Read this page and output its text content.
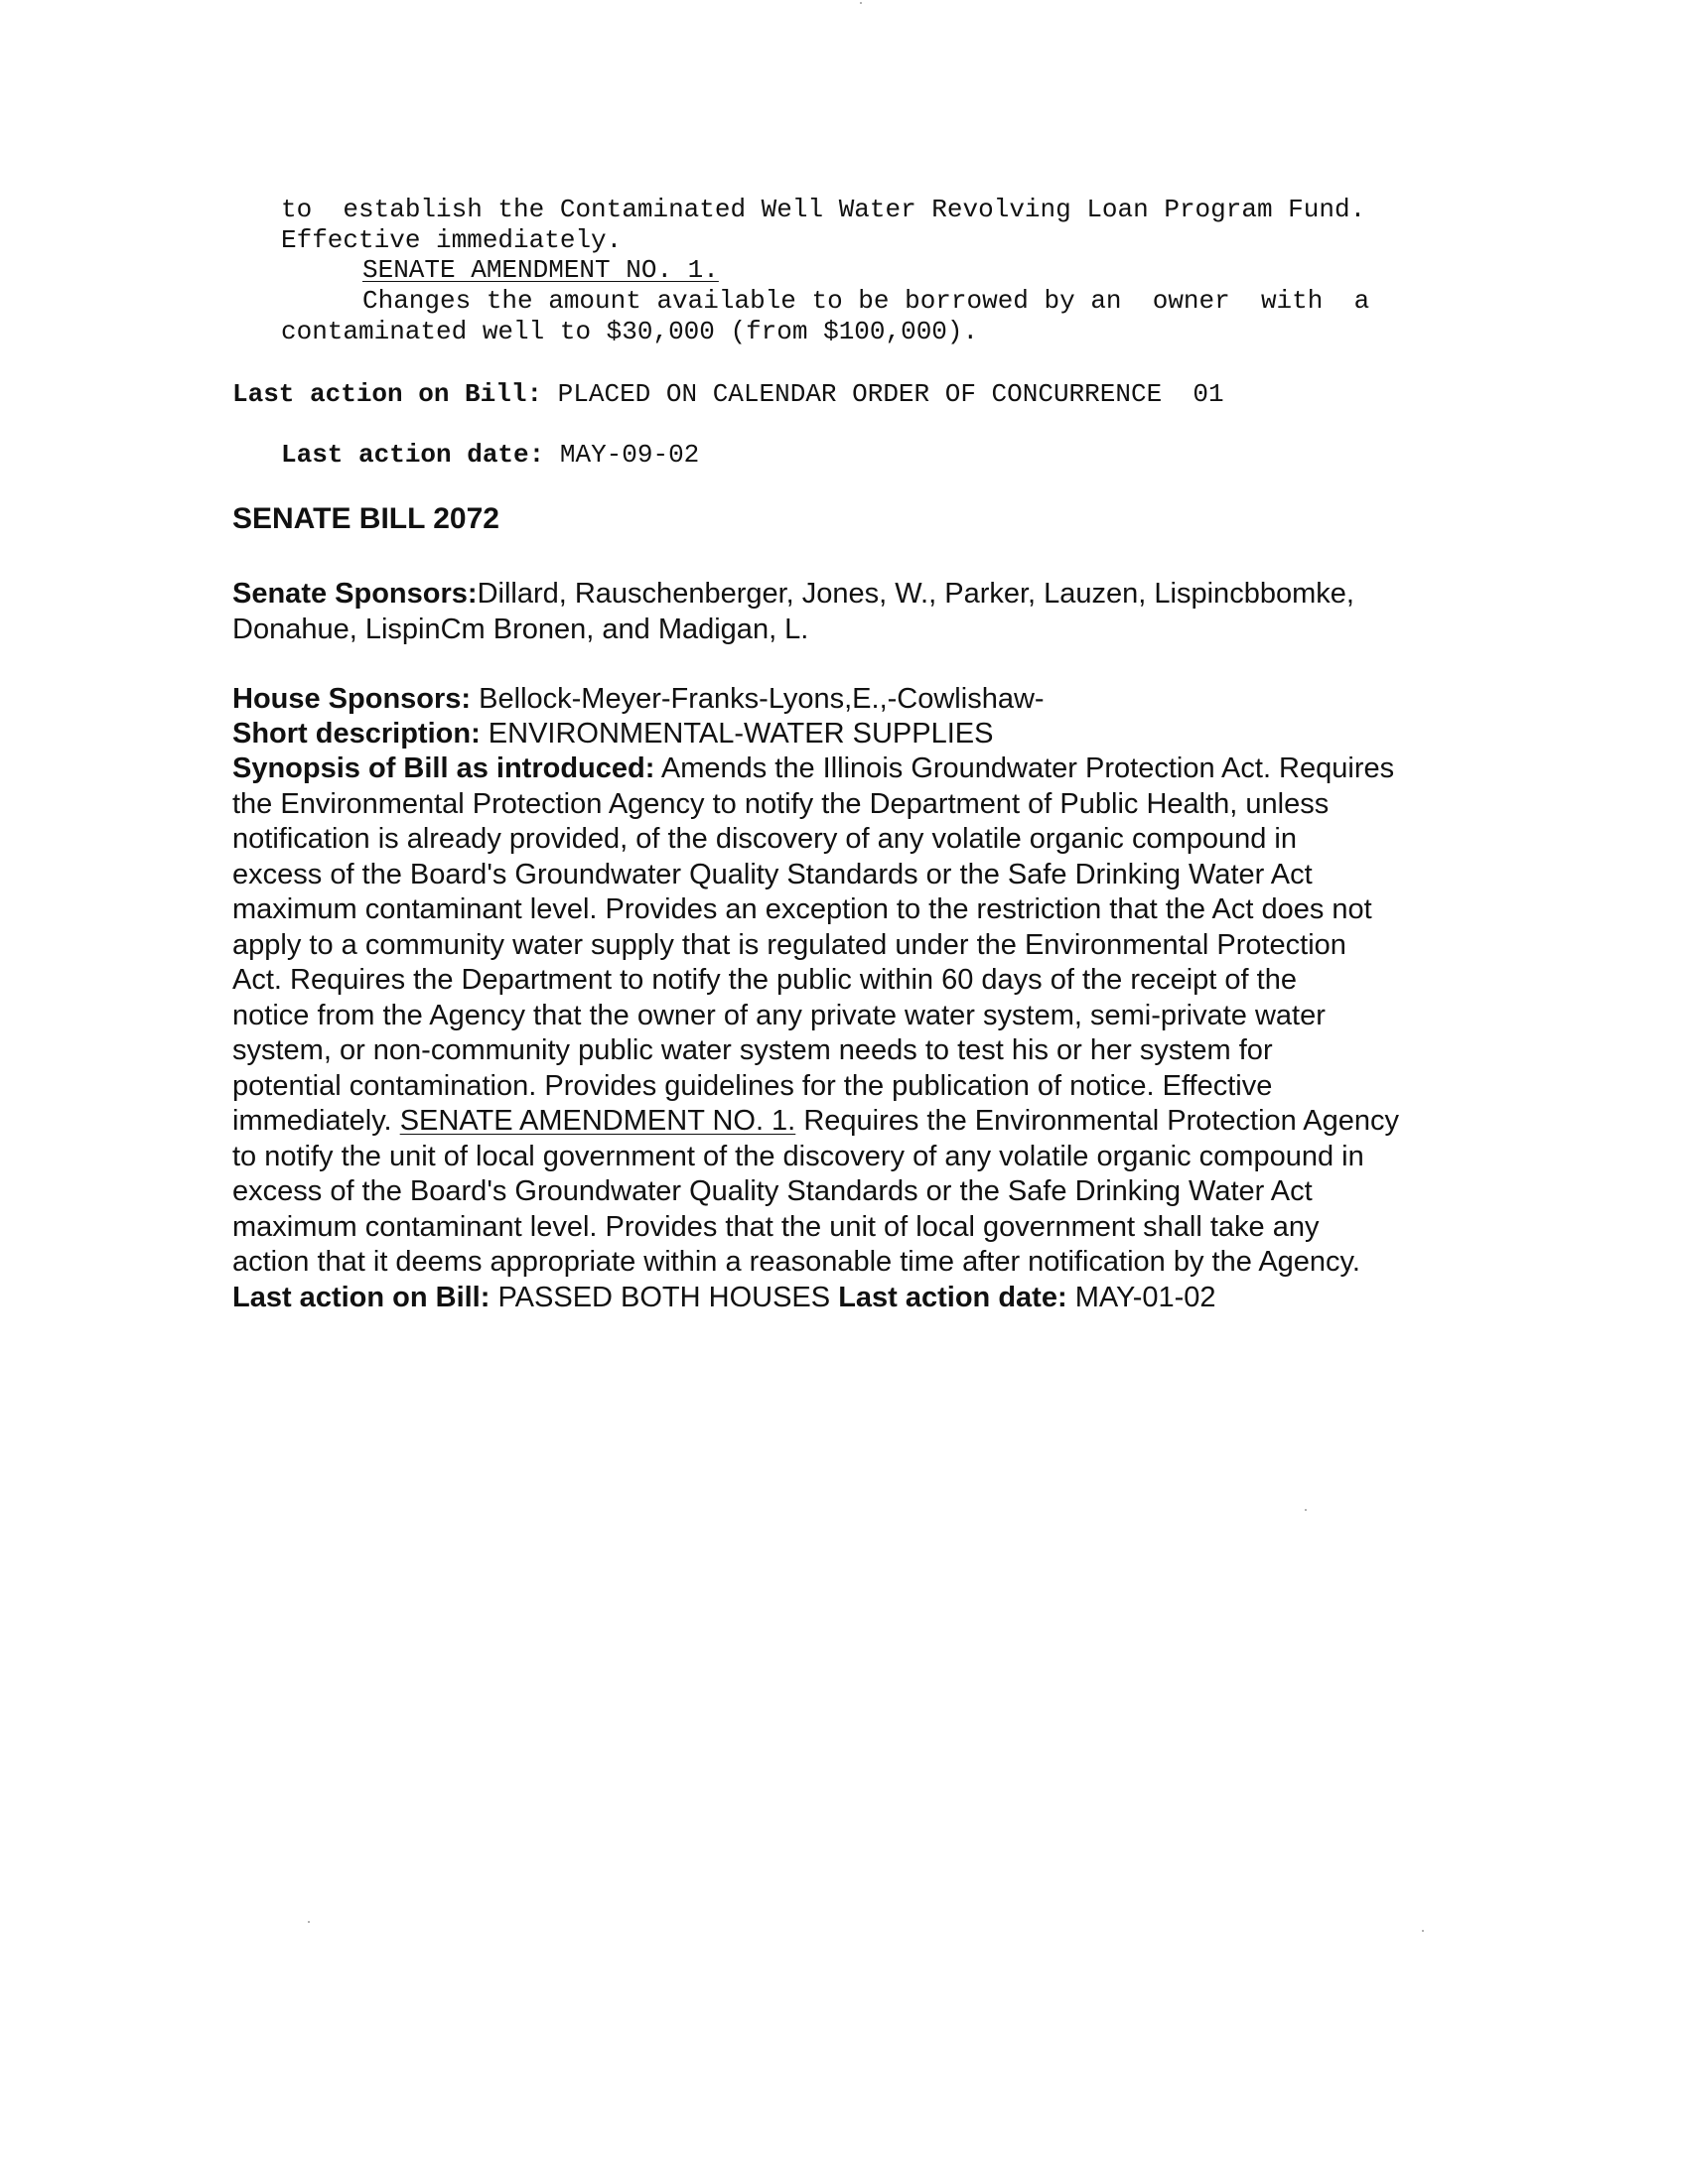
to  establish the Contaminated Well Water Revolving Loan Program Fund.
Effective immediately.
SENATE AMENDMENT NO. 1.
Changes the amount available to be borrowed by an  owner  with  a
contaminated well to $30,000 (from $100,000).
Last action on Bill: PLACED ON CALENDAR ORDER OF CONCURRENCE  01
Last action date: MAY-09-02
SENATE BILL 2072
Senate Sponsors:Dillard, Rauschenberger, Jones, W., Parker, Lauzen, Lispincbbomke,
Donahue, LispinCm Bronen, and Madigan, L.
House Sponsors: Bellock-Meyer-Franks-Lyons,E.,-Cowlishaw-
Short description: ENVIRONMENTAL-WATER SUPPLIES
Synopsis of Bill as introduced: Amends the Illinois Groundwater Protection Act. Requires
the Environmental Protection Agency to notify the Department of Public Health, unless
notification is already provided, of the discovery of any volatile organic compound in
excess of the Board's Groundwater Quality Standards or the Safe Drinking Water Act
maximum contaminant level. Provides an exception to the restriction that the Act does not
apply to a community water supply that is regulated under the Environmental Protection
Act. Requires the Department to notify the public within 60 days of the receipt of the
notice from the Agency that the owner of any private water system, semi-private water
system, or non-community public water system needs to test his or her system for
potential contamination. Provides guidelines for the publication of notice. Effective
immediately. SENATE AMENDMENT NO. 1. Requires the Environmental Protection Agency
to notify the unit of local government of the discovery of any volatile organic compound in
excess of the Board's Groundwater Quality Standards or the Safe Drinking Water Act
maximum contaminant level. Provides that the unit of local government shall take any
action that it deems appropriate within a reasonable time after notification by the Agency.
Last action on Bill: PASSED BOTH HOUSES Last action date: MAY-01-02
